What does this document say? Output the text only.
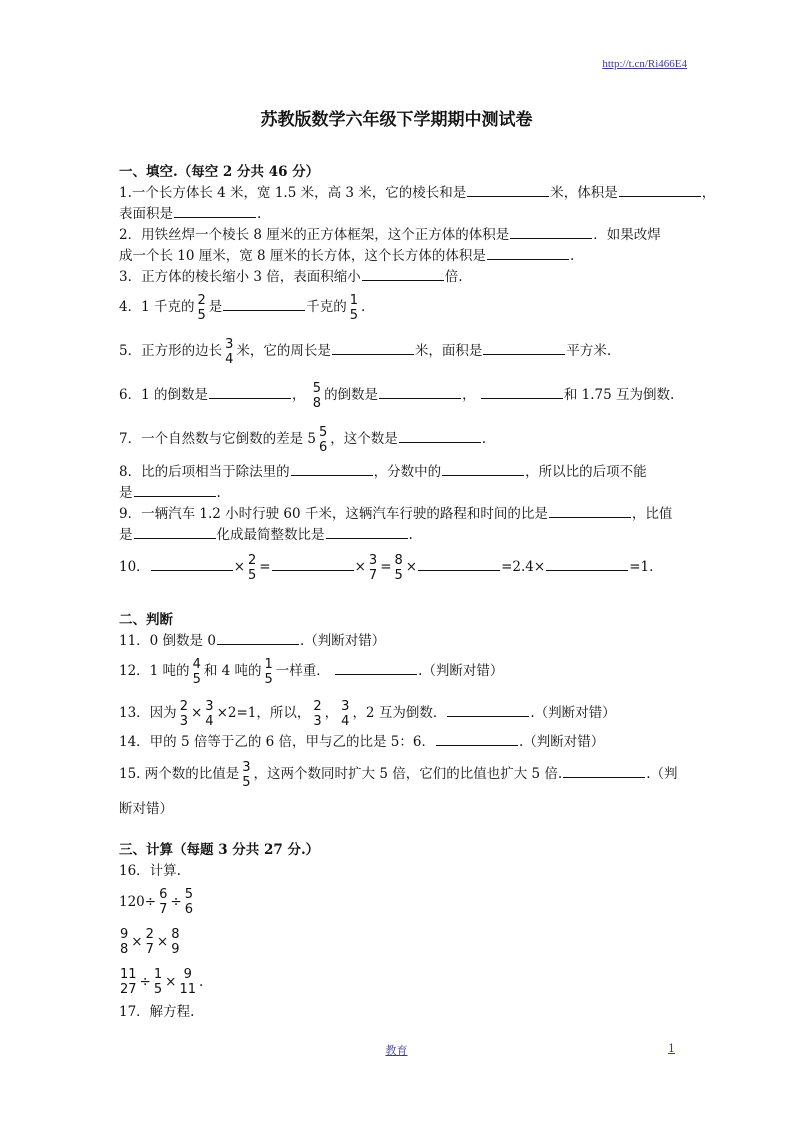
http://t.cn/Ri466E4
苏教版数学六年级下学期期中测试卷
一、填空.（每空 2 分共 46 分）
1.一个长方体长 4 米，宽 1.5 米，高 3 米，它的棱长和是	米，体积是	，
表面积是	.
2．用铁丝焊一个棱长 8 厘米的正方体框架，这个正方体的体积是	．如果改焊
成一个长 10 厘米，宽 8 厘米的长方体，这个长方体的体积是	.
3．正方体的棱长缩小 3 倍，表面积缩小	倍.
4．1 千克的 2
5 是	千克的 1
5 .
5．正方形的边长 3
4 米，它的周长是	米，面积是	平方米.
6．1 的倒数是	， 5
8 的倒数是	，	和 1.75 互为倒数.
7．一个自然数与它倒数的差是 5 5
6 ，这个数是	.
8．比的后项相当于除法里的	，分数中的	，所以比的后项不能
是	.
9．一辆汽车 1.2 小时行驶 60 千米，这辆汽车行驶的路程和时间的比是	，比值
是	化成最简整数比是	.
10．	× 2
5 =	× 3
7 = 8
5 ×	=2.4×	=1.
二、判断
11．0 倒数是 0	.（判断对错）
12．1 吨的 4
5 和 4 吨的 1
5 一样重．	.（判断对错）
13．因为 2
3 × 3
4 ×2=1，所以， 2
3 ， 3
4 ，2 互为倒数．	.（判断对错）
14．甲的 5 倍等于乙的 6 倍，甲与乙的比是 5：6．	.（判断对错）
15. 两个数的比值是 3
5 ，这两个数同时扩大 5 倍，它们的比值也扩大 5 倍.	.（判
断对错）
三、计算（每题 3 分共 27 分.）
16．计算.
120÷ 6
7 ÷ 5
6
9
8 × 2
7 × 8
9
11
27 ÷ 1
5 × 9
11 .
17．解方程.
教育	1
